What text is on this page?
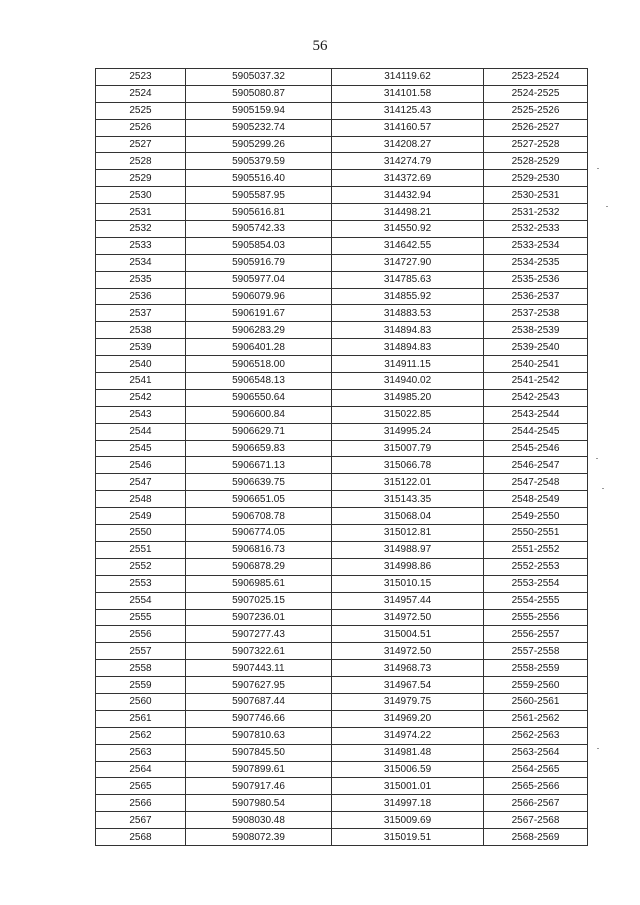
56
2523	5905037.32	314119.62	2523-2524
2524	5905080.87	314101.58	2524-2525
2525	5905159.94	314125.43	2525-2526
2526	5905232.74	314160.57	2526-2527
2527	5905299.26	314208.27	2527-2528
2528	5905379.59	314274.79	2528-2529
2529	5905516.40	314372.69	2529-2530
2530	5905587.95	314432.94	2530-2531
2531	5905616.81	314498.21	2531-2532
2532	5905742.33	314550.92	2532-2533
2533	5905854.03	314642.55	2533-2534
2534	5905916.79	314727.90	2534-2535
2535	5905977.04	314785.63	2535-2536
2536	5906079.96	314855.92	2536-2537
2537	5906191.67	314883.53	2537-2538
2538	5906283.29	314894.83	2538-2539
2539	5906401.28	314894.83	2539-2540
2540	5906518.00	314911.15	2540-2541
2541	5906548.13	314940.02	2541-2542
2542	5906550.64	314985.20	2542-2543
2543	5906600.84	315022.85	2543-2544
2544	5906629.71	314995.24	2544-2545
2545	5906659.83	315007.79	2545-2546
2546	5906671.13	315066.78	2546-2547
2547	5906639.75	315122.01	2547-2548
2548	5906651.05	315143.35	2548-2549
2549	5906708.78	315068.04	2549-2550
2550	5906774.05	315012.81	2550-2551
2551	5906816.73	314988.97	2551-2552
2552	5906878.29	314998.86	2552-2553
2553	5906985.61	315010.15	2553-2554
2554	5907025.15	314957.44	2554-2555
2555	5907236.01	314972.50	2555-2556
2556	5907277.43	315004.51	2556-2557
2557	5907322.61	314972.50	2557-2558
2558	5907443.11	314968.73	2558-2559
2559	5907627.95	314967.54	2559-2560
2560	5907687.44	314979.75	2560-2561
2561	5907746.66	314969.20	2561-2562
2562	5907810.63	314974.22	2562-2563
2563	5907845.50	314981.48	2563-2564
2564	5907899.61	315006.59	2564-2565
2565	5907917.46	315001.01	2565-2566
2566	5907980.54	314997.18	2566-2567
2567	5908030.48	315009.69	2567-2568
2568	5908072.39	315019.51	2568-2569
